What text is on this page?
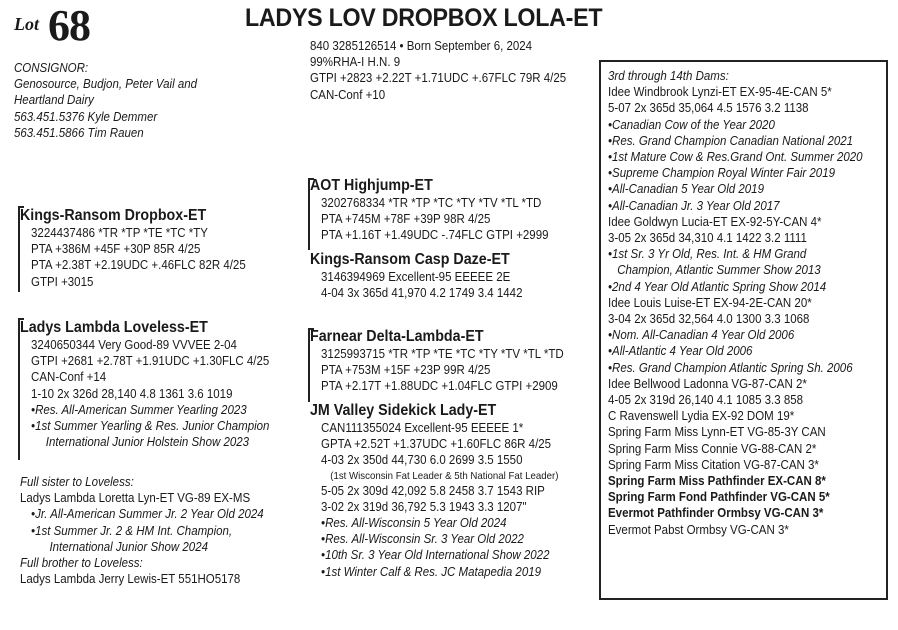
Lot 68	LADYS LOV DROPBOX LOLA-ET
CONSIGNOR:
Genosource, Budjon, Peter Vail and
Heartland Dairy
563.451.5376 Kyle Demmer
563.451.5866 Tim Rauen
840 3285126514 • Born September 6, 2024
99%RHA-I H.N. 9
GTPI +2823 +2.22T +1.71UDC +.67FLC 79R 4/25
CAN-Conf +10
Kings-Ransom Dropbox-ET
3224437486 *TR *TP *TE *TC *TY
PTA +386M +45F +30P 85R 4/25
PTA +2.38T +2.19UDC +.46FLC 82R 4/25
GTPI +3015
Ladys Lambda Loveless-ET
3240650344 Very Good-89 VVVEE 2-04
GTPI +2681 +2.78T +1.91UDC +1.30FLC 4/25
CAN-Conf +14
1-10 2x 326d 28,140 4.8 1361 3.6 1019
•Res. All-American Summer Yearling 2023
•1st Summer Yearling & Res. Junior Champion
International Junior Holstein Show 2023
Full sister to Loveless:
Ladys Lambda Loretta Lyn-ET VG-89 EX-MS
•Jr. All-American Summer Jr. 2 Year Old 2024
•1st Summer Jr. 2 & HM Int. Champion,
International Junior Show 2024
Full brother to Loveless:
Ladys Lambda Jerry Lewis-ET 551HO5178
AOT Highjump-ET
3202768334 *TR *TP *TC *TY *TV *TL *TD
PTA +745M +78F +39P 98R 4/25
PTA +1.16T +1.49UDC -.74FLC GTPI +2999
Kings-Ransom Casp Daze-ET
3146394969 Excellent-95 EEEEE 2E
4-04 3x 365d 41,970 4.2 1749 3.4 1442
Farnear Delta-Lambda-ET
3125993715 *TR *TP *TE *TC *TY *TV *TL *TD
PTA +753M +15F +23P 99R 4/25
PTA +2.17T +1.88UDC +1.04FLC GTPI +2909
JM Valley Sidekick Lady-ET
CAN111355024 Excellent-95 EEEEE 1*
GPTA +2.52T +1.37UDC +1.60FLC 86R 4/25
4-03 2x 350d 44,730 6.0 2699 3.5 1550
(1st Wisconsin Fat Leader & 5th National Fat Leader)
5-05 2x 309d 42,092 5.8 2458 3.7 1543 RIP
3-02 2x 319d 36,792 5.3 1943 3.3 1207"
•Res. All-Wisconsin 5 Year Old 2024
•Res. All-Wisconsin Sr. 3 Year Old 2022
•10th Sr. 3 Year Old International Show 2022
•1st Winter Calf & Res. JC Matapedia 2019
3rd through 14th Dams:
Idee Windbrook Lynzi-ET EX-95-4E-CAN 5*
5-07 2x 365d 35,064 4.5 1576 3.2 1138
•Canadian Cow of the Year 2020
•Res. Grand Champion Canadian National 2021
•1st Mature Cow & Res.Grand Ont. Summer 2020
•Supreme Champion Royal Winter Fair 2019
•All-Canadian 5 Year Old 2019
•All-Canadian Jr. 3 Year Old 2017
Idee Goldwyn Lucia-ET EX-92-5Y-CAN 4*
3-05 2x 365d 34,310 4.1 1422 3.2 1111
•1st Sr. 3 Yr Old, Res. Int. & HM Grand
Champion, Atlantic Summer Show 2013
•2nd 4 Year Old Atlantic Spring Show 2014
Idee Louis Luise-ET EX-94-2E-CAN 20*
3-04 2x 365d 32,564 4.0 1300 3.3 1068
•Nom. All-Canadian 4 Year Old 2006
•All-Atlantic 4 Year Old 2006
•Res. Grand Champion Atlantic Spring Sh. 2006
Idee Bellwood Ladonna VG-87-CAN 2*
4-05 2x 319d 26,140 4.1 1085 3.3 858
C Ravenswell Lydia EX-92 DOM 19*
Spring Farm Miss Lynn-ET VG-85-3Y CAN
Spring Farm Miss Connie VG-88-CAN 2*
Spring Farm Miss Citation VG-87-CAN 3*
Spring Farm Miss Pathfinder EX-CAN 8*
Spring Farm Fond Pathfinder VG-CAN 5*
Evermot Pathfinder Ormbsy VG-CAN 3*
Evermot Pabst Ormbsy VG-CAN 3*
